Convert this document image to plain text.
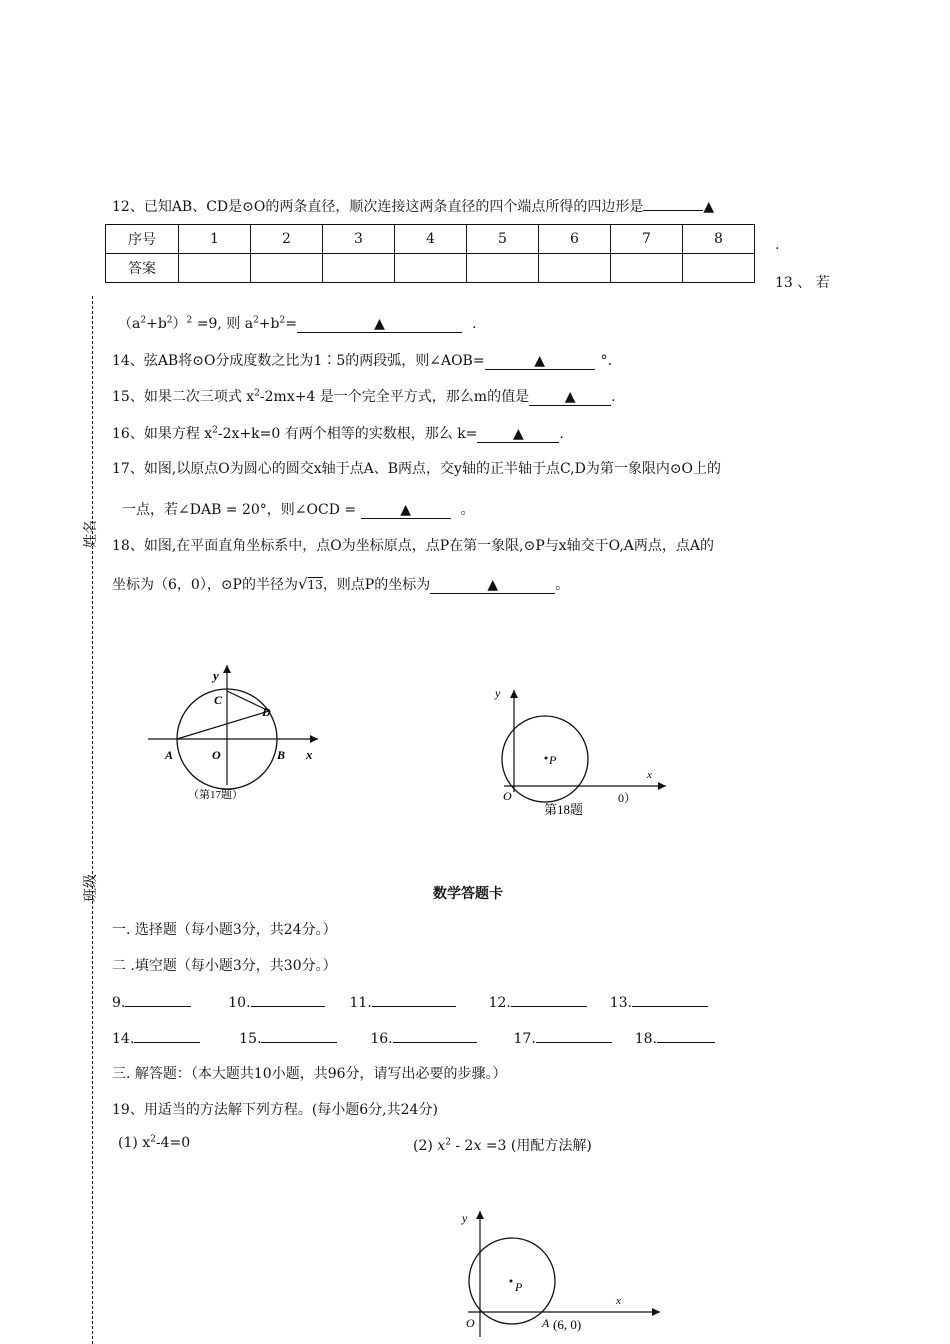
12、已知AB、CD是⊙O的两条直径，顺次连接这两条直径的四个端点所得的四边形是	▲
序号	1	2	3	4	5	6	7	8
答案								
.
13 、 若
姓名
班级
$(a^2+b^2)^2 =9$, 则 $a^2+b^2=$	▲	.
14、弦AB将⊙O分成度数之比为1∶5的两段弧，则∠AOB=	▲	°.
15、如果二次三项式 $x^2-2mx+4$ 是一个完全平方式，那么m的值是	▲	.
16、如果方程 $x^2-2x+k=0$ 有两个相等的实数根，那么 k=	▲	.
17、如图,以原点O为圆心的圆交x轴于点A、B两点，交y轴的正半轴于点C,D为第一象限内⊙O上的
一点，若∠DAB = 20°，则∠OCD =	▲	。
18、如图,在平面直角坐标系中，点O为坐标原点，点P在第一象限,⊙P与x轴交于O,A两点，点A的
坐标为（6，0），⊙P的半径为√13，则点P的坐标为	▲	。
y
C
D
A	O	B x
（第17题）
y
P
x
O
第18题
0）
数学答题卡
一. 选择题（每小题3分，共24分。）
二 .填空题（每小题3分，共30分。）
9.	10.	11.	12.	13.
14.	15.	16.	17.	18.
三. 解答题：（本大题共10小题，共96分，请写出必要的步骤。）
19、用适当的方法解下列方程。(每小题6分,共24分)
(1) $x^2-4=0$	(2) $x^2 - 2x =3$ (用配方法解)
y
P
x
O	A (6, 0)
